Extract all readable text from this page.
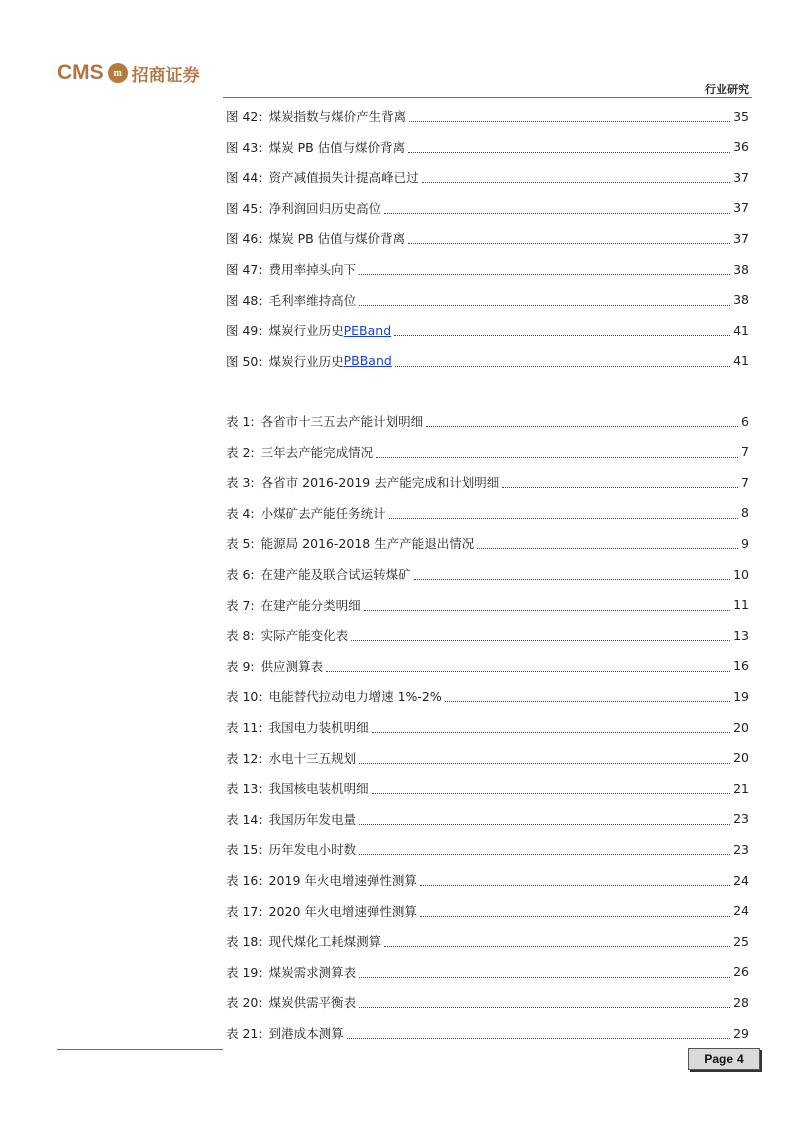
CMS m 招商证券
行业研究
图 42: 煤炭指数与煤价产生背离	35
图 43: 煤炭 PB 估值与煤价背离	36
图 44: 资产减值损失计提高峰已过	37
图 45: 净利润回归历史高位	37
图 46: 煤炭 PB 估值与煤价背离	37
图 47: 费用率掉头向下	38
图 48: 毛利率维持高位	38
图 49: 煤炭行业历史 PEBand	41
图 50: 煤炭行业历史 PBBand	41
表 1: 各省市十三五去产能计划明细	6
表 2: 三年去产能完成情况	7
表 3: 各省市 2016-2019 去产能完成和计划明细	7
表 4: 小煤矿去产能任务统计	8
表 5: 能源局 2016-2018 生产产能退出情况	9
表 6: 在建产能及联合试运转煤矿	10
表 7: 在建产能分类明细	11
表 8: 实际产能变化表	13
表 9: 供应测算表	16
表 10: 电能替代拉动电力增速 1%-2%	19
表 11: 我国电力装机明细	20
表 12: 水电十三五规划	20
表 13: 我国核电装机明细	21
表 14: 我国历年发电量	23
表 15: 历年发电小时数	23
表 16: 2019 年火电增速弹性测算	24
表 17: 2020 年火电增速弹性测算	24
表 18: 现代煤化工耗煤测算	25
表 19: 煤炭需求测算表	26
表 20: 煤炭供需平衡表	28
表 21: 到港成本测算	29
Page 4
